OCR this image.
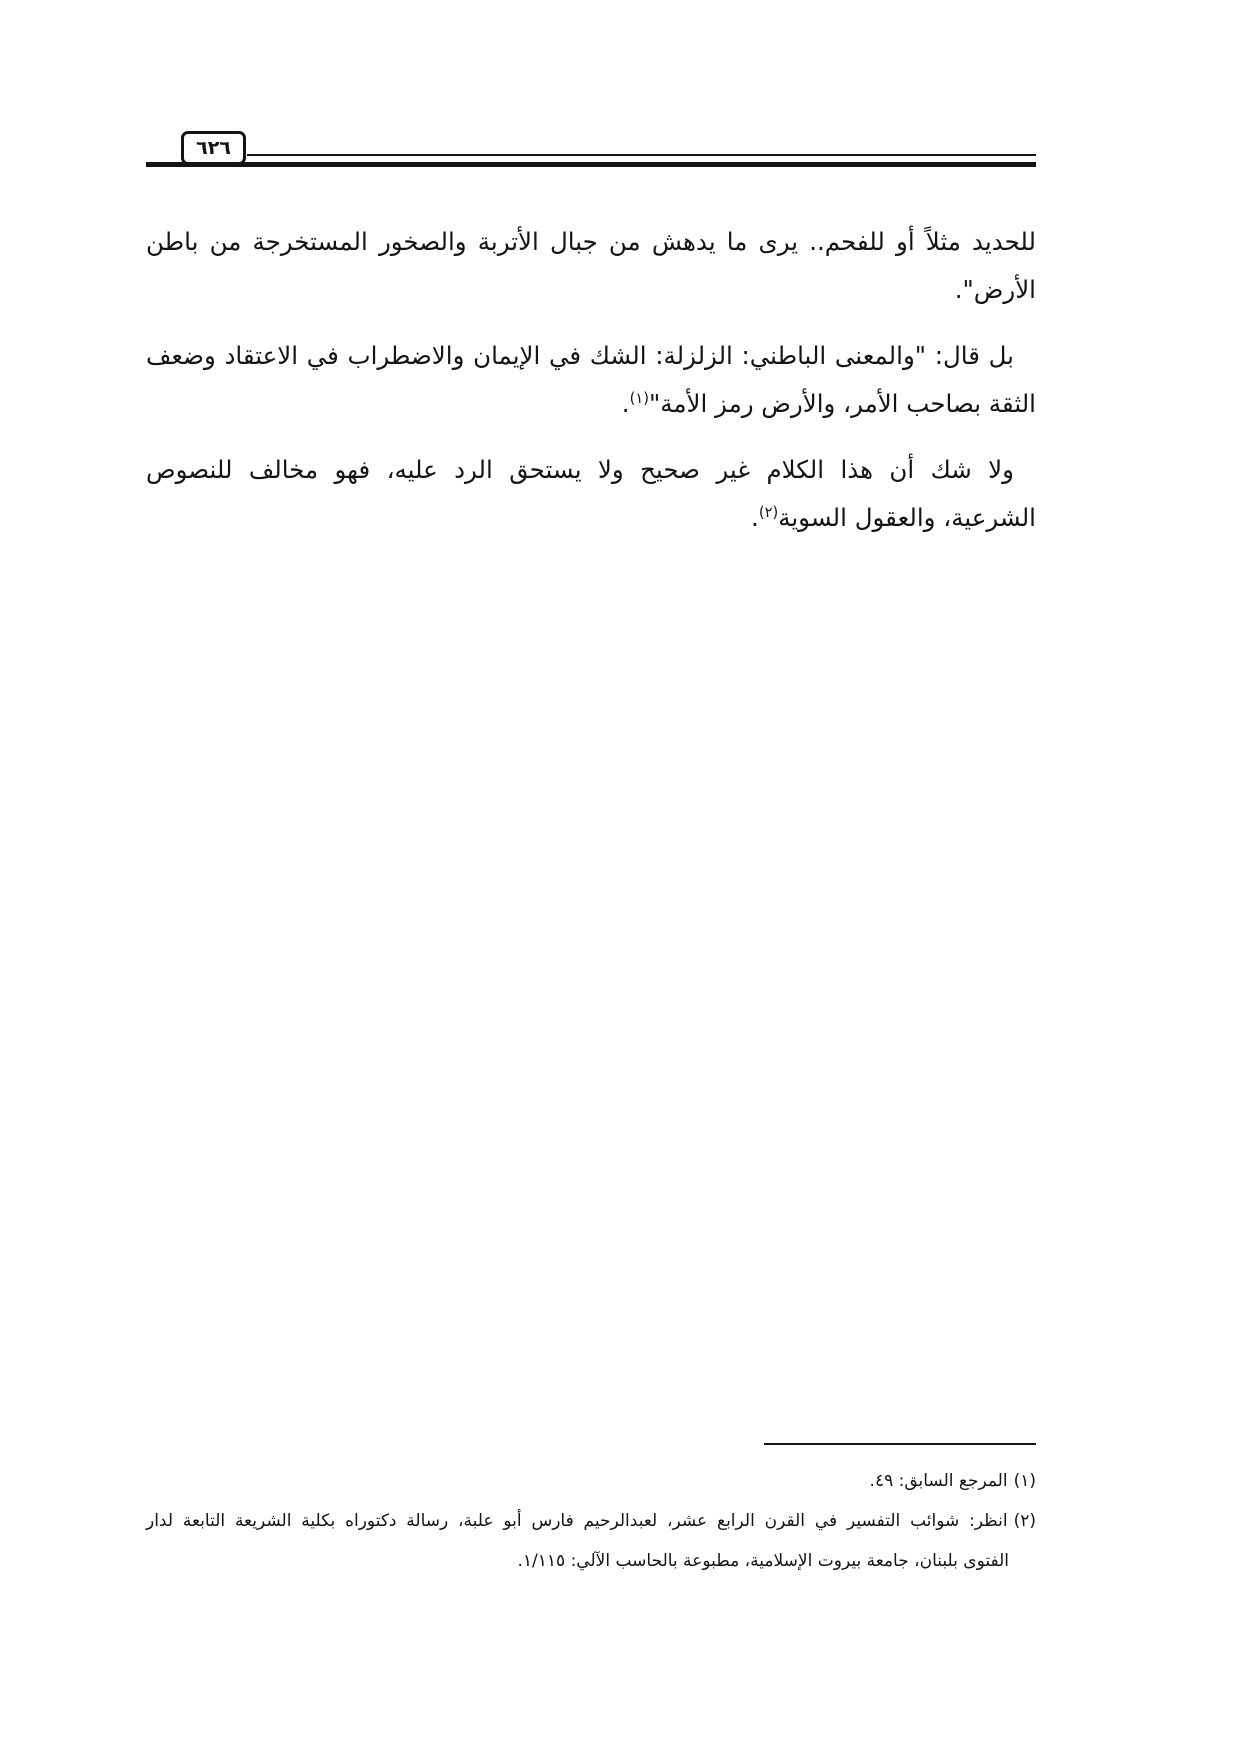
٦٢٦
للحديد مثلاً أو للفحم.. يرى ما يدهش من جبال الأتربة والصخور المستخرجة من باطن
الأرض".
بل قال: "والمعنى الباطني: الزلزلة: الشك في الإيمان والاضطراب في الاعتقاد وضعف
الثقة بصاحب الأمر، والأرض رمز الأمة"$^{(١)}$.
ولا شك أن هذا الكلام غير صحيح ولا يستحق الرد عليه، فهو مخالف للنصوص
الشرعية، والعقول السوية$^{(٢)}$.
(١)المرجع السابق: ٤٩.
(٢)انظر: شوائب التفسير في القرن الرابع عشر، لعبدالرحيم فارس أبو علبة، رسالة دكتوراه بكلية الشريعة التابعة لدار
الفتوى بلبنان، جامعة بيروت الإسلامية، مطبوعة بالحاسب الآلي: ١/١١٥.
